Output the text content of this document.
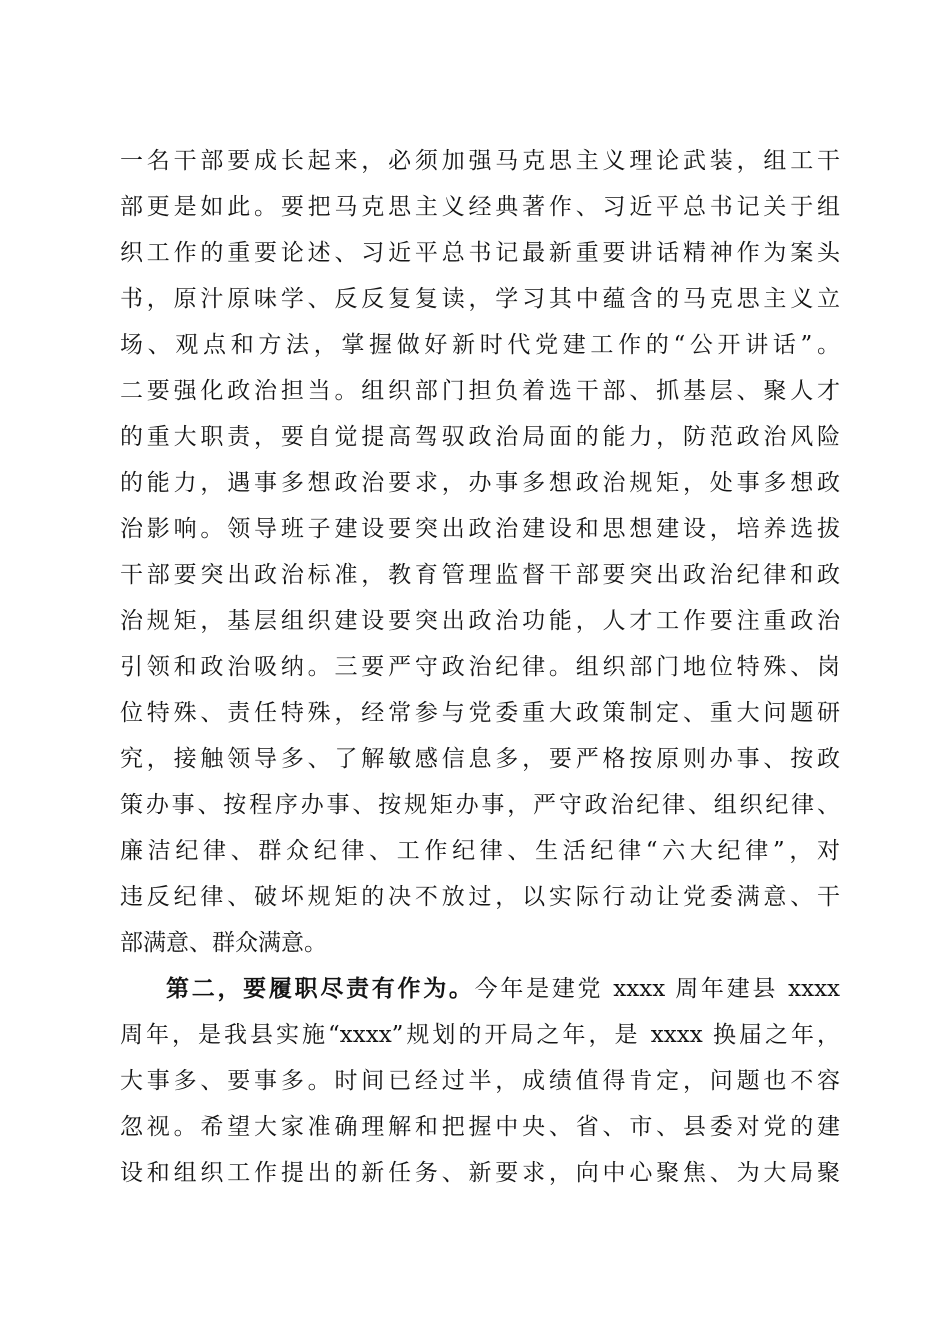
一名干部要成长起来，必须加强马克思主义理论武装，组工干
部更是如此。要把马克思主义经典著作、习近平总书记关于组
织工作的重要论述、习近平总书记最新重要讲话精神作为案头
书，原汁原味学、反反复复读，学习其中蕴含的马克思主义立
场、观点和方法，掌握做好新时代党建工作的“公开讲话”。
二要强化政治担当。组织部门担负着选干部、抓基层、聚人才
的重大职责，要自觉提高驾驭政治局面的能力，防范政治风险
的能力，遇事多想政治要求，办事多想政治规矩，处事多想政
治影响。领导班子建设要突出政治建设和思想建设，培养选拔
干部要突出政治标准，教育管理监督干部要突出政治纪律和政
治规矩，基层组织建设要突出政治功能，人才工作要注重政治
引领和政治吸纳。三要严守政治纪律。组织部门地位特殊、岗
位特殊、责任特殊，经常参与党委重大政策制定、重大问题研
究，接触领导多、了解敏感信息多，要严格按原则办事、按政
策办事、按程序办事、按规矩办事，严守政治纪律、组织纪律、
廉洁纪律、群众纪律、工作纪律、生活纪律“六大纪律”，对
违反纪律、破坏规矩的决不放过，以实际行动让党委满意、干
部满意、群众满意。
第二，要履职尽责有作为。今年是建党 xxxx 周年建县 xxxx
周年，是我县实施“xxxx”规划的开局之年，是 xxxx 换届之年，
大事多、要事多。时间已经过半，成绩值得肯定，问题也不容
忽视。希望大家准确理解和把握中央、省、市、县委对党的建
设和组织工作提出的新任务、新要求，向中心聚焦、为大局聚
